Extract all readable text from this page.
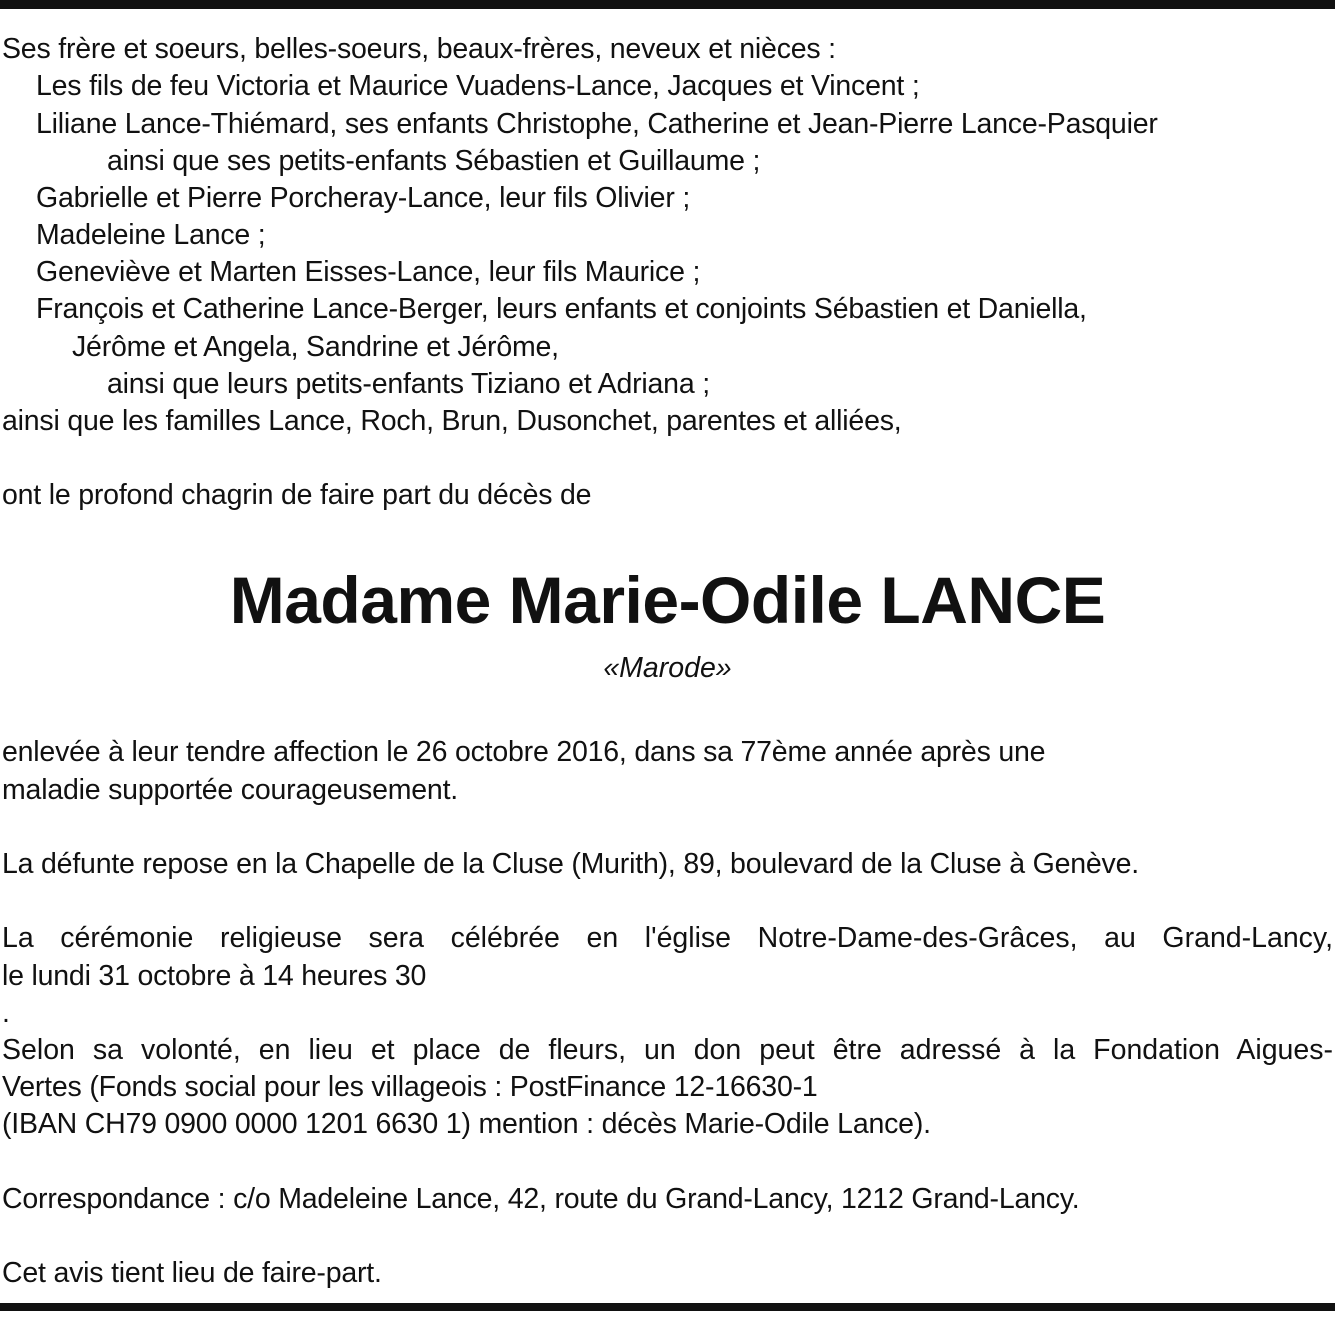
Ses frère et soeurs, belles-soeurs, beaux-frères, neveux et nièces :
Les fils de feu Victoria et Maurice Vuadens-Lance, Jacques et Vincent ;
Liliane Lance-Thiémard, ses enfants Christophe, Catherine et Jean-Pierre Lance-Pasquier
ainsi que ses petits-enfants Sébastien et Guillaume ;
Gabrielle et Pierre Porcheray-Lance, leur fils Olivier ;
Madeleine Lance ;
Geneviève et Marten Eisses-Lance, leur fils Maurice ;
François et Catherine Lance-Berger, leurs enfants et conjoints Sébastien et Daniella,
Jérôme et Angela, Sandrine et Jérôme,
ainsi que leurs petits-enfants Tiziano et Adriana ;
ainsi que les familles Lance, Roch, Brun, Dusonchet, parentes et alliées,
ont le profond chagrin de faire part du décès de
Madame Marie-Odile LANCE
«Marode»
enlevée à leur tendre affection le 26 octobre 2016, dans sa 77ème année après une
maladie supportée courageusement.
La défunte repose en la Chapelle de la Cluse (Murith), 89, boulevard de la Cluse à Genève.
La cérémonie religieuse sera célébrée en l'église Notre-Dame-des-Grâces, au Grand-Lancy,
le lundi 31 octobre à 14 heures 30
.
Selon sa volonté, en lieu et place de fleurs, un don peut être adressé à la Fondation Aigues-
Vertes (Fonds social pour les villageois : PostFinance 12-16630-1
(IBAN CH79 0900 0000 1201 6630 1) mention : décès Marie-Odile Lance).
Correspondance : c/o Madeleine Lance, 42, route du Grand-Lancy, 1212 Grand-Lancy.
Cet avis tient lieu de faire-part.
